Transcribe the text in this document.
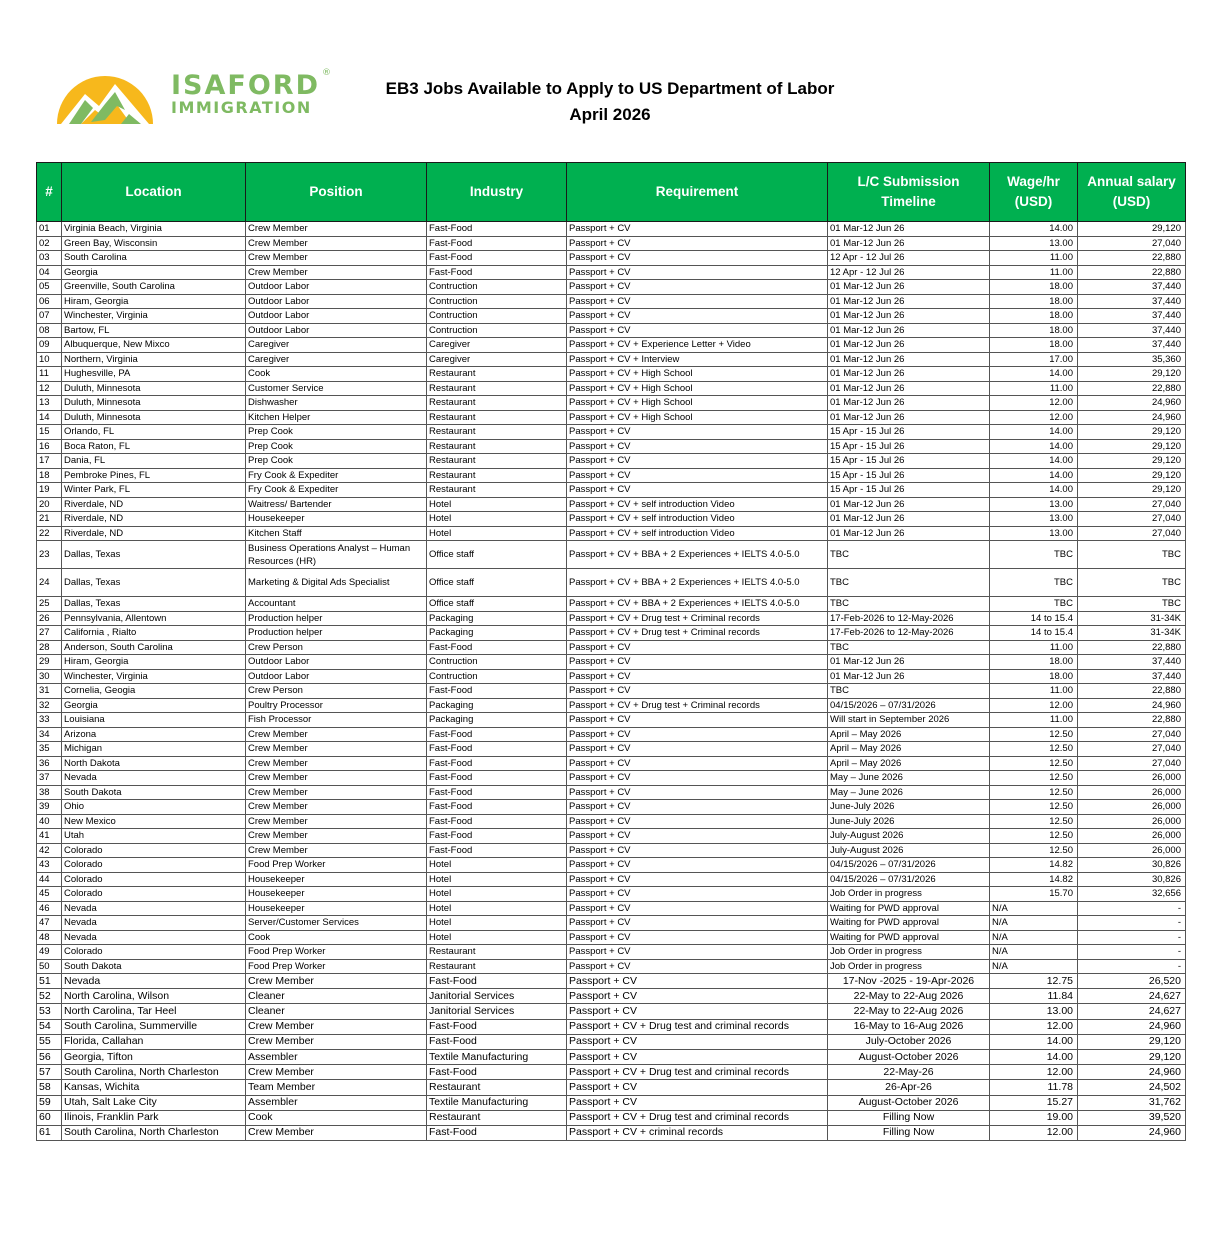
ISAFORD
IMMIGRATION
®
EB3 Jobs Available to Apply to US Department of Labor
April 2026
#	Location	Position	Industry	Requirement	L/C Submission Timeline	Wage/hr (USD)	Annual salary (USD)
01	Virginia Beach, Virginia	Crew Member	Fast-Food	Passport + CV	01 Mar-12 Jun 26	14.00	29,120
02	Green Bay, Wisconsin	Crew Member	Fast-Food	Passport + CV	01 Mar-12 Jun 26	13.00	27,040
03	South Carolina	Crew Member	Fast-Food	Passport + CV	12 Apr - 12 Jul 26	11.00	22,880
04	Georgia	Crew Member	Fast-Food	Passport + CV	12 Apr - 12 Jul 26	11.00	22,880
05	Greenville, South Carolina	Outdoor Labor	Contruction	Passport + CV	01 Mar-12 Jun 26	18.00	37,440
06	Hiram, Georgia	Outdoor Labor	Contruction	Passport + CV	01 Mar-12 Jun 26	18.00	37,440
07	Winchester, Virginia	Outdoor Labor	Contruction	Passport + CV	01 Mar-12 Jun 26	18.00	37,440
08	Bartow, FL	Outdoor Labor	Contruction	Passport + CV	01 Mar-12 Jun 26	18.00	37,440
09	Albuquerque, New Mixco	Caregiver	Caregiver	Passport + CV + Experience Letter + Video	01 Mar-12 Jun 26	18.00	37,440
10	Northern, Virginia	Caregiver	Caregiver	Passport + CV + Interview	01 Mar-12 Jun 26	17.00	35,360
11	Hughesville, PA	Cook	Restaurant	Passport + CV + High School	01 Mar-12 Jun 26	14.00	29,120
12	Duluth, Minnesota	Customer Service	Restaurant	Passport + CV + High School	01 Mar-12 Jun 26	11.00	22,880
13	Duluth, Minnesota	Dishwasher	Restaurant	Passport + CV + High School	01 Mar-12 Jun 26	12.00	24,960
14	Duluth, Minnesota	Kitchen Helper	Restaurant	Passport + CV + High School	01 Mar-12 Jun 26	12.00	24,960
15	Orlando, FL	Prep Cook	Restaurant	Passport + CV	15 Apr - 15 Jul 26	14.00	29,120
16	Boca Raton, FL	Prep Cook	Restaurant	Passport + CV	15 Apr - 15 Jul 26	14.00	29,120
17	Dania, FL	Prep Cook	Restaurant	Passport + CV	15 Apr - 15 Jul 26	14.00	29,120
18	Pembroke Pines, FL	Fry Cook & Expediter	Restaurant	Passport + CV	15 Apr - 15 Jul 26	14.00	29,120
19	Winter Park, FL	Fry Cook & Expediter	Restaurant	Passport + CV	15 Apr - 15 Jul 26	14.00	29,120
20	Riverdale, ND	Waitress/ Bartender	Hotel	Passport + CV + self introduction Video	01 Mar-12 Jun 26	13.00	27,040
21	Riverdale, ND	Housekeeper	Hotel	Passport + CV + self introduction Video	01 Mar-12 Jun 26	13.00	27,040
22	Riverdale, ND	Kitchen Staff	Hotel	Passport + CV + self introduction Video	01 Mar-12 Jun 26	13.00	27,040
23	Dallas, Texas	Business Operations Analyst – Human Resources (HR)	Office staff	Passport + CV + BBA + 2 Experiences + IELTS 4.0-5.0	TBC	TBC	TBC
24	Dallas, Texas	Marketing & Digital Ads Specialist	Office staff	Passport + CV + BBA + 2 Experiences + IELTS 4.0-5.0	TBC	TBC	TBC
25	Dallas, Texas	Accountant	Office staff	Passport + CV + BBA + 2 Experiences + IELTS 4.0-5.0	TBC	TBC	TBC
26	Pennsylvania, Allentown	Production helper	Packaging	Passport + CV + Drug test + Criminal records	17-Feb-2026 to 12-May-2026	14 to 15.4	31-34K
27	California , Rialto	Production helper	Packaging	Passport + CV + Drug test + Criminal records	17-Feb-2026 to 12-May-2026	14 to 15.4	31-34K
28	Anderson, South Carolina	Crew Person	Fast-Food	Passport + CV	TBC	11.00	22,880
29	Hiram, Georgia	Outdoor Labor	Contruction	Passport + CV	01 Mar-12 Jun 26	18.00	37,440
30	Winchester, Virginia	Outdoor Labor	Contruction	Passport + CV	01 Mar-12 Jun 26	18.00	37,440
31	Cornelia, Geogia	Crew Person	Fast-Food	Passport + CV	TBC	11.00	22,880
32	Georgia	Poultry Processor	Packaging	Passport + CV + Drug test + Criminal records	04/15/2026 – 07/31/2026	12.00	24,960
33	Louisiana	Fish Processor	Packaging	Passport + CV	Will start in September 2026	11.00	22,880
34	Arizona	Crew Member	Fast-Food	Passport + CV	April – May 2026	12.50	27,040
35	Michigan	Crew Member	Fast-Food	Passport + CV	April – May 2026	12.50	27,040
36	North Dakota	Crew Member	Fast-Food	Passport + CV	April – May 2026	12.50	27,040
37	Nevada	Crew Member	Fast-Food	Passport + CV	May – June 2026	12.50	26,000
38	South Dakota	Crew Member	Fast-Food	Passport + CV	May – June 2026	12.50	26,000
39	Ohio	Crew Member	Fast-Food	Passport + CV	June-July 2026	12.50	26,000
40	New Mexico	Crew Member	Fast-Food	Passport + CV	June-July 2026	12.50	26,000
41	Utah	Crew Member	Fast-Food	Passport + CV	July-August 2026	12.50	26,000
42	Colorado	Crew Member	Fast-Food	Passport + CV	July-August 2026	12.50	26,000
43	Colorado	Food Prep Worker	Hotel	Passport + CV	04/15/2026 – 07/31/2026	14.82	30,826
44	Colorado	Housekeeper	Hotel	Passport + CV	04/15/2026 – 07/31/2026	14.82	30,826
45	Colorado	Housekeeper	Hotel	Passport + CV	Job Order in progress	15.70	32,656
46	Nevada	Housekeeper	Hotel	Passport + CV	Waiting for PWD approval	N/A	-
47	Nevada	Server/Customer Services	Hotel	Passport + CV	Waiting for PWD approval	N/A	-
48	Nevada	Cook	Hotel	Passport + CV	Waiting for PWD approval	N/A	-
49	Colorado	Food Prep Worker	Restaurant	Passport + CV	Job Order in progress	N/A	-
50	South Dakota	Food Prep Worker	Restaurant	Passport + CV	Job Order in progress	N/A	-
51	Nevada	Crew Member	Fast-Food	Passport + CV	17-Nov -2025 - 19-Apr-2026	12.75	26,520
52	North Carolina, Wilson	Cleaner	Janitorial Services	Passport + CV	22-May to 22-Aug 2026	11.84	24,627
53	North Carolina, Tar Heel	Cleaner	Janitorial Services	Passport + CV	22-May to 22-Aug 2026	13.00	24,627
54	South Carolina, Summerville	Crew Member	Fast-Food	Passport + CV + Drug test and criminal records	16-May to 16-Aug 2026	12.00	24,960
55	Florida, Callahan	Crew Member	Fast-Food	Passport + CV	July-October 2026	14.00	29,120
56	Georgia, Tifton	Assembler	Textile Manufacturing	Passport + CV	August-October 2026	14.00	29,120
57	South Carolina, North Charleston	Crew Member	Fast-Food	Passport + CV + Drug test and criminal records	22-May-26	12.00	24,960
58	Kansas, Wichita	Team Member	Restaurant	Passport + CV	26-Apr-26	11.78	24,502
59	Utah, Salt Lake City	Assembler	Textile Manufacturing	Passport + CV	August-October 2026	15.27	31,762
60	Ilinois, Franklin Park	Cook	Restaurant	Passport + CV + Drug test and criminal records	Filling Now	19.00	39,520
61	South Carolina, North Charleston	Crew Member	Fast-Food	Passport + CV + criminal records	Filling Now	12.00	24,960
